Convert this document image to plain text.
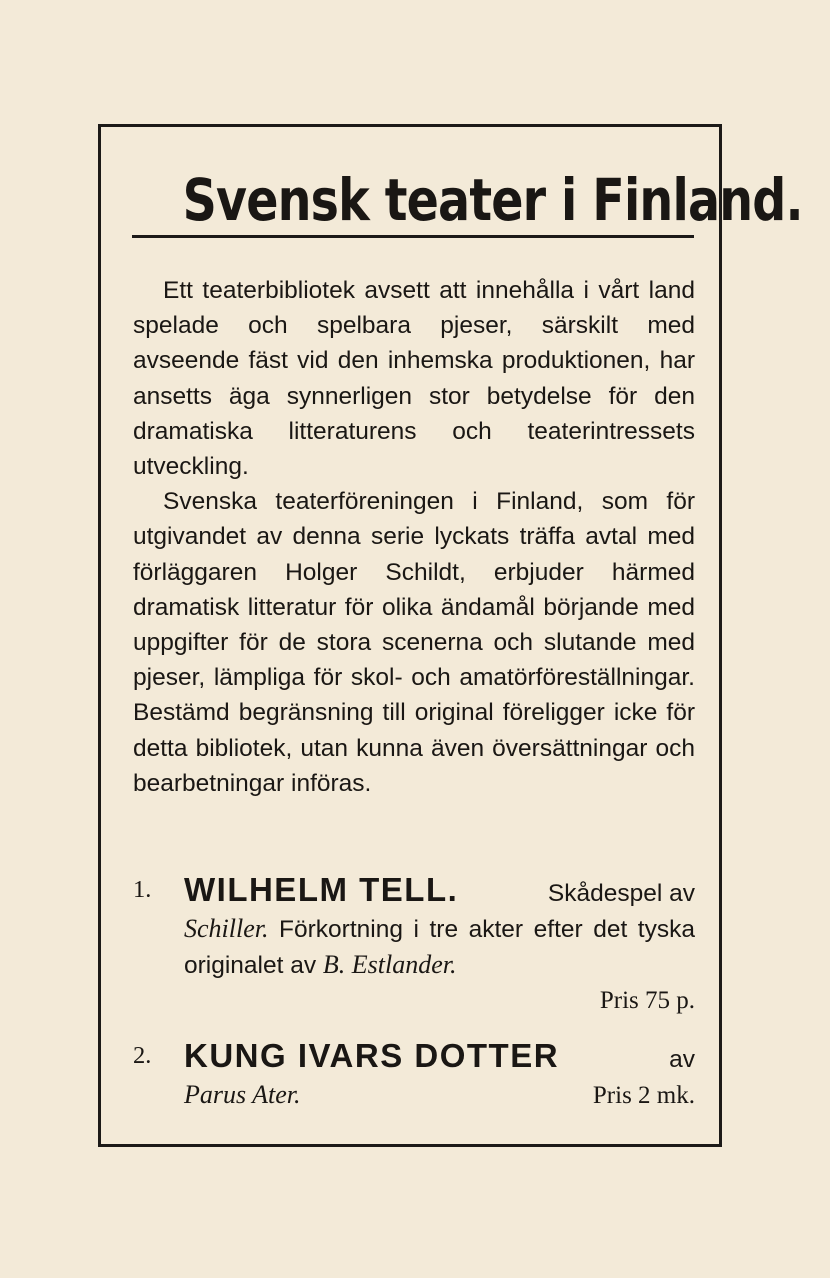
Svensk teater i Finland.

Ett teaterbibliotek avsett att innehålla i vårt land spelade och spelbara pjeser, särskilt med avseende fäst vid den inhemska produktionen, har ansetts äga synnerligen stor betydelse för den dramatiska litteraturens och teaterintressets utveckling.

Svenska teaterföreningen i Finland, som för utgivandet av denna serie lyckats träffa avtal med förläggaren Holger Schildt, erbjuder härmed dramatisk litteratur för olika ändamål börjande med uppgifter för de stora scenerna och slutande med pjeser, lämpliga för skol- och amatörföreställningar. Bestämd begränsning till original föreligger icke för detta bibliotek, utan kunna även översättningar och bearbetningar införas.

1. WILHELM TELL.	Skådespel av
Schiller. Förkortning i tre akter efter det tyska originalet av B. Estlander.
Pris 75 p.
2. KUNG IVARS DOTTER	av
Parus Ater.	Pris 2 mk.
